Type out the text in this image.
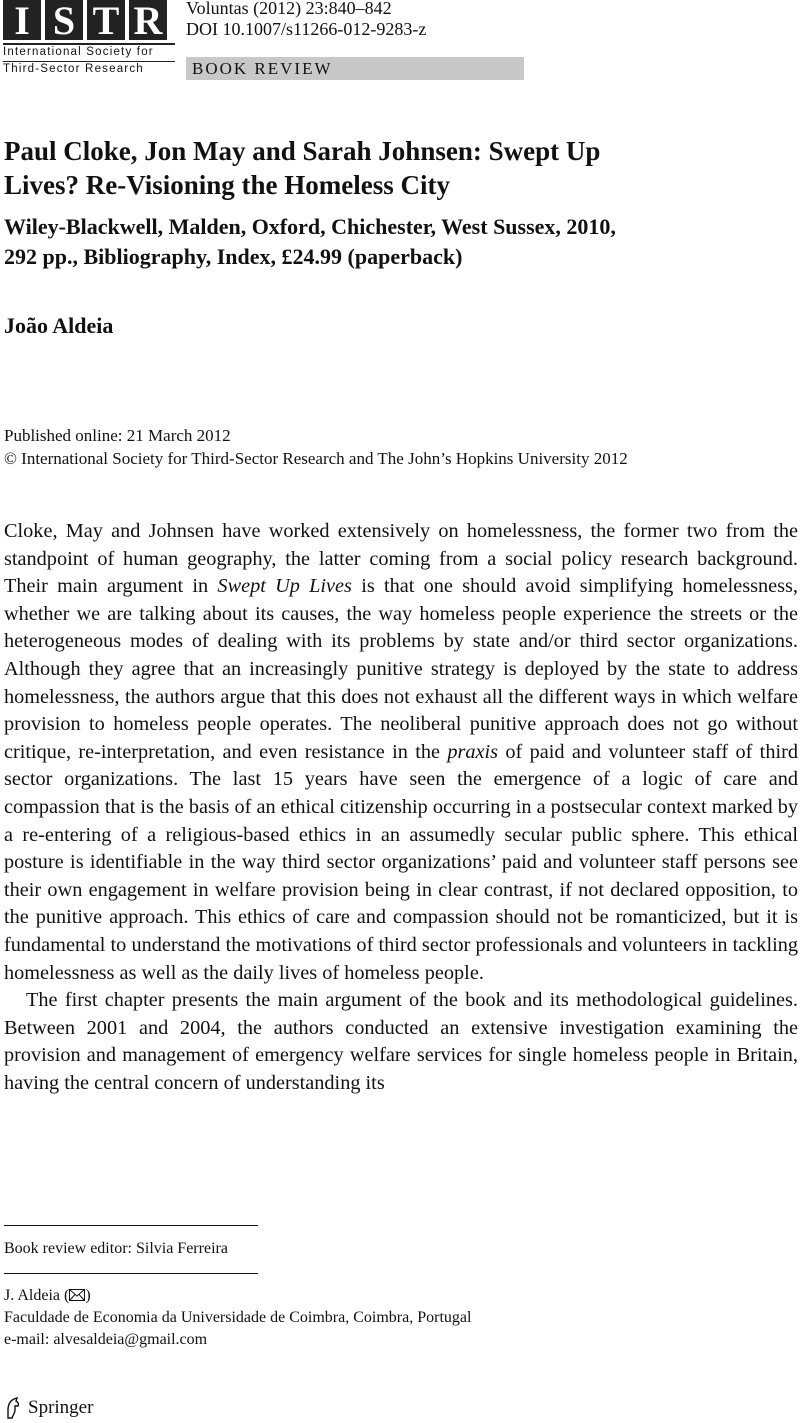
I S T R
International Society for
Third-Sector Research
Voluntas (2012) 23:840–842
DOI 10.1007/s11266-012-9283-z
BOOK REVIEW
Paul Cloke, Jon May and Sarah Johnsen: Swept Up
Lives? Re-Visioning the Homeless City
Wiley-Blackwell, Malden, Oxford, Chichester, West Sussex, 2010,
292 pp., Bibliography, Index, £24.99 (paperback)
João Aldeia
Published online: 21 March 2012
© International Society for Third-Sector Research and The John’s Hopkins University 2012

Cloke, May and Johnsen have worked extensively on homelessness, the former two from the standpoint of human geography, the latter coming from a social policy research background. Their main argument in Swept Up Lives is that one should avoid simplifying homelessness, whether we are talking about its causes, the way homeless people experience the streets or the heterogeneous modes of dealing with its problems by state and/or third sector organizations. Although they agree that an increasingly punitive strategy is deployed by the state to address homelessness, the authors argue that this does not exhaust all the different ways in which welfare provision to homeless people operates. The neoliberal punitive approach does not go without critique, re-interpretation, and even resistance in the praxis of paid and volunteer staff of third sector organizations. The last 15 years have seen the emergence of a logic of care and compassion that is the basis of an ethical citizenship occurring in a postsecular context marked by a re-entering of a religious-based ethics in an assumedly secular public sphere. This ethical posture is identifiable in the way third sector organizations’ paid and volunteer staff persons see their own engagement in welfare provision being in clear contrast, if not declared opposition, to the punitive approach. This ethics of care and compassion should not be romanticized, but it is fundamental to understand the motivations of third sector professionals and volunteers in tackling homelessness as well as the daily lives of homeless people.

The first chapter presents the main argument of the book and its methodological guidelines. Between 2001 and 2004, the authors conducted an extensive investigation examining the provision and management of emergency welfare services for single homeless people in Britain, having the central concern of understanding its

Book review editor: Silvia Ferreira
J. Aldeia ( )
Faculdade de Economia da Universidade de Coimbra, Coimbra, Portugal
e-mail: alvesaldeia@gmail.com
Springer
